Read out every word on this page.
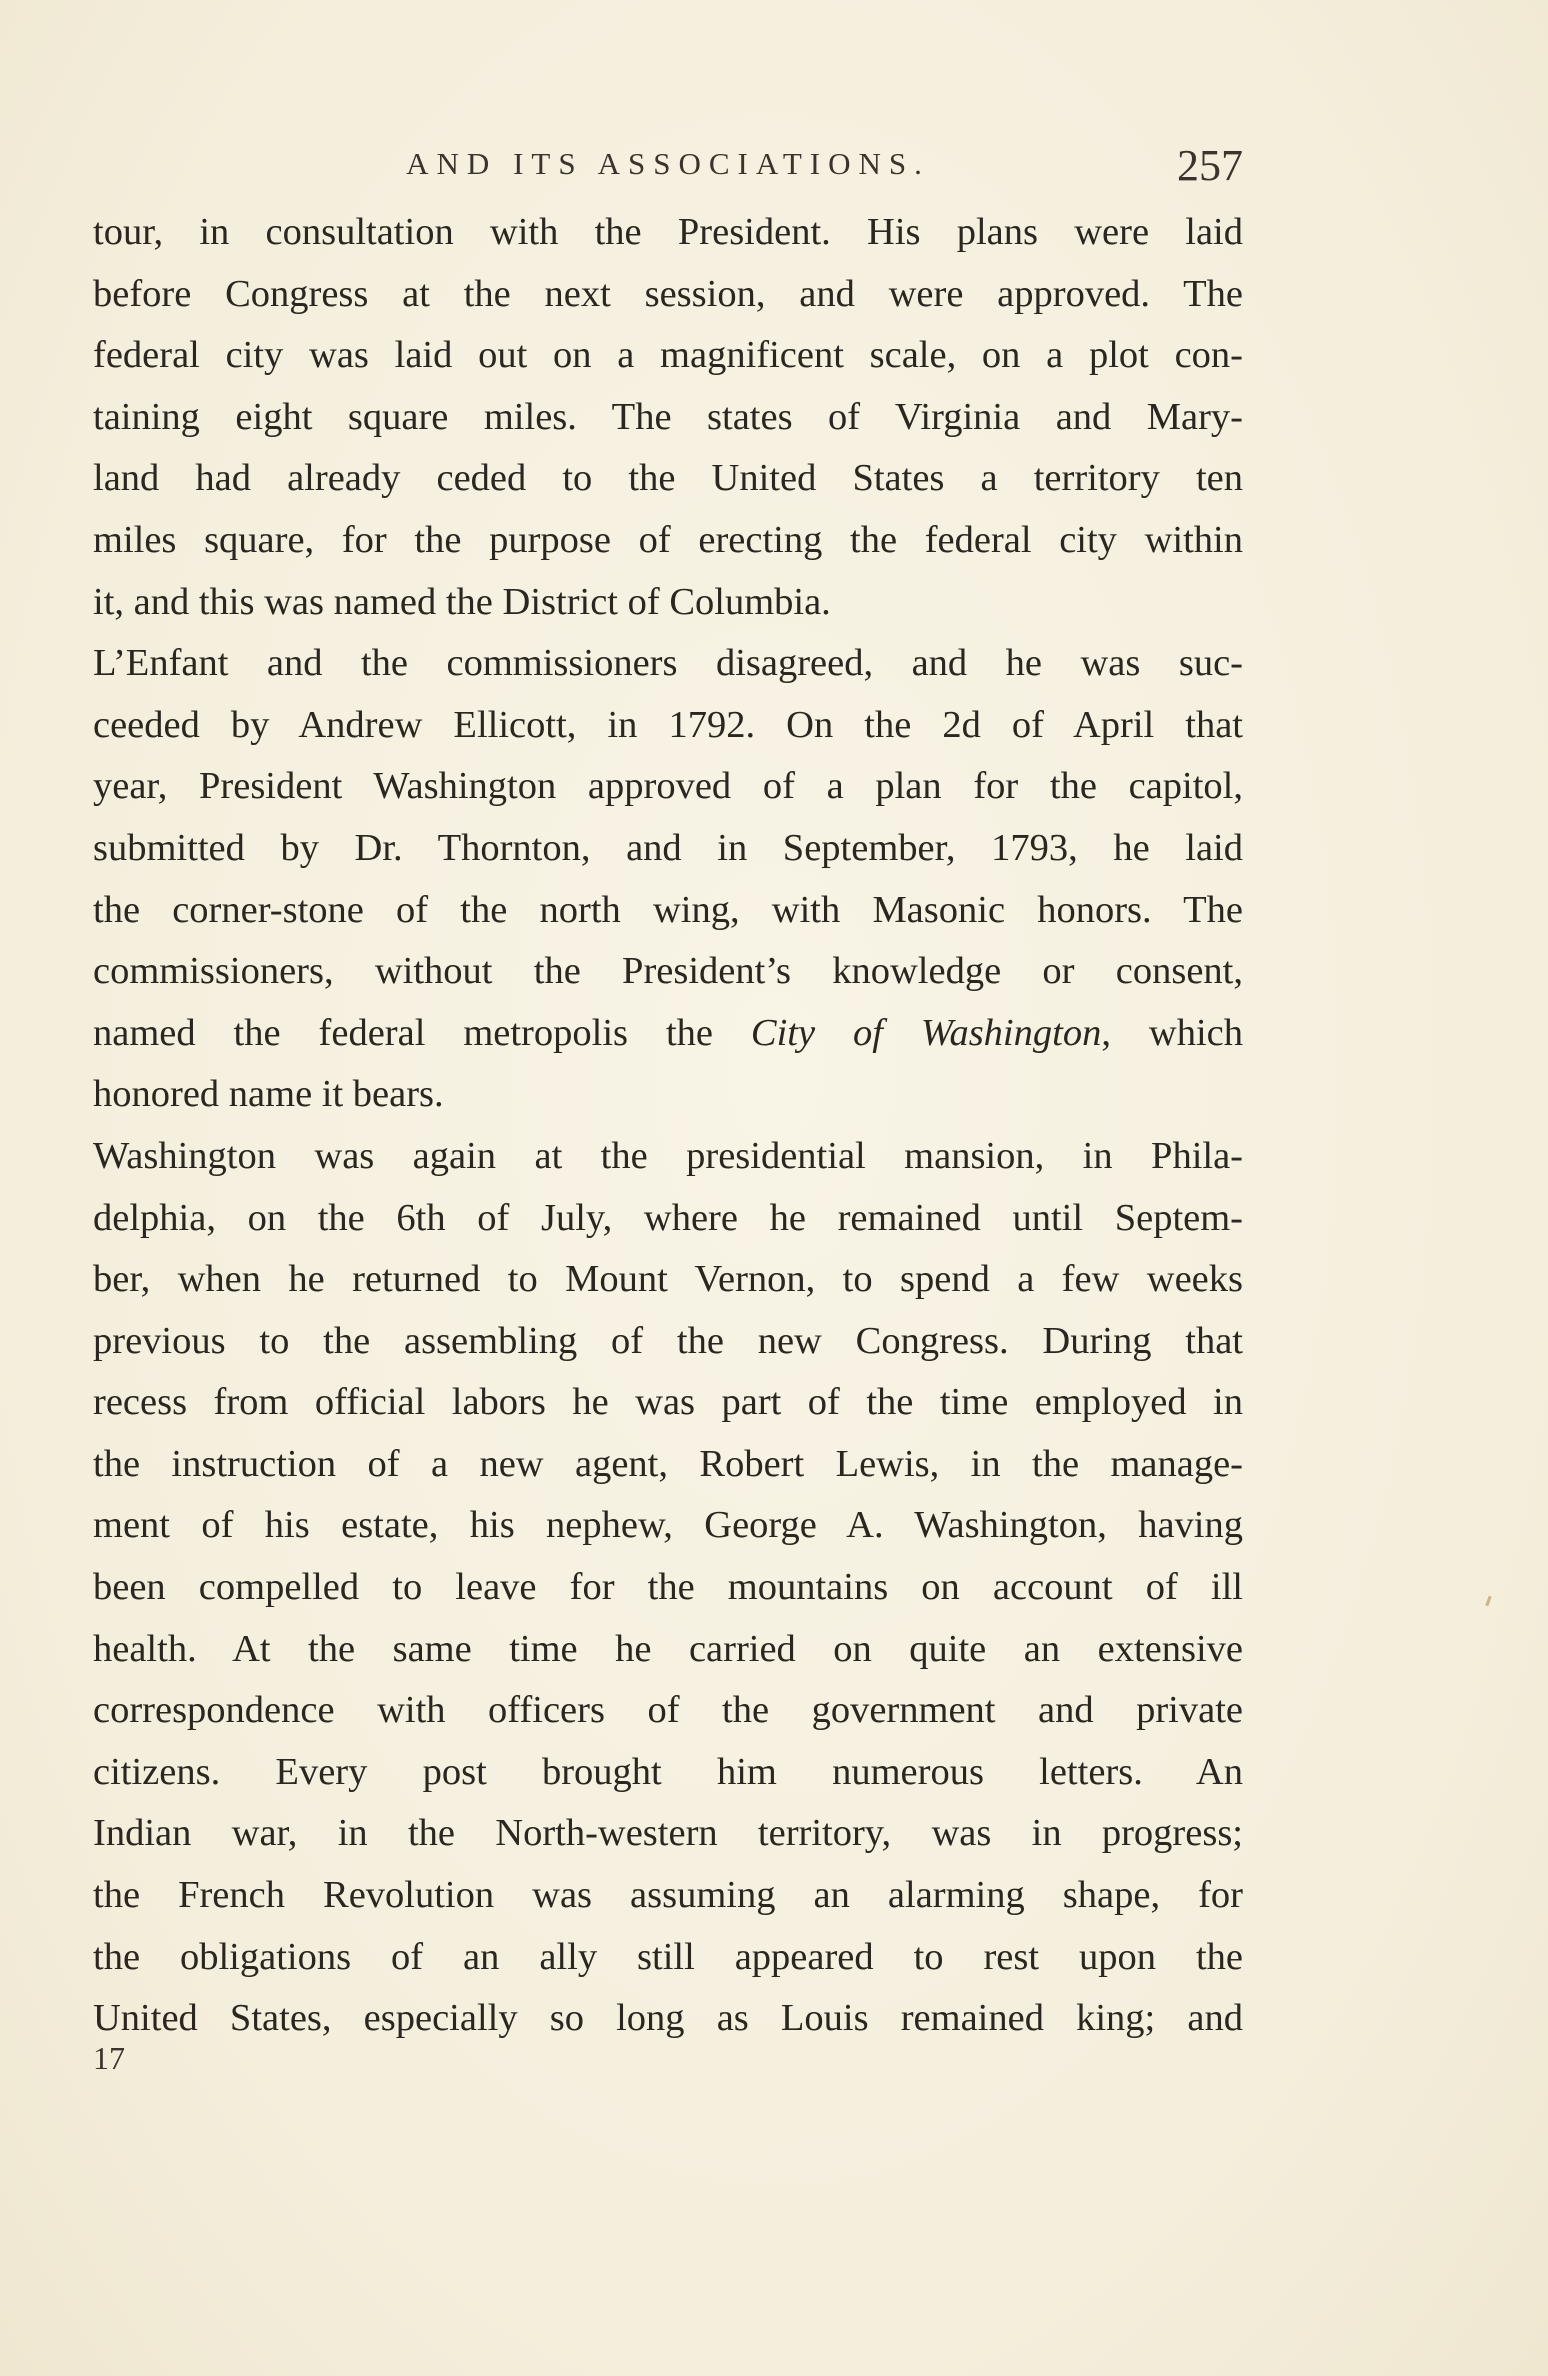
AND ITS ASSOCIATIONS.	257
tour, in consultation with the President. His plans were laid
before Congress at the next session, and were approved. The
federal city was laid out on a magnificent scale, on a plot con-
taining eight square miles. The states of Virginia and Mary-
land had already ceded to the United States a territory ten
miles square, for the purpose of erecting the federal city within
it, and this was named the District of Columbia.
L’Enfant and the commissioners disagreed, and he was suc-
ceeded by Andrew Ellicott, in 1792. On the 2d of April that
year, President Washington approved of a plan for the capitol,
submitted by Dr. Thornton, and in September, 1793, he laid
the corner-stone of the north wing, with Masonic honors. The
commissioners, without the President’s knowledge or consent,
named the federal metropolis the City of Washington, which
honored name it bears.
Washington was again at the presidential mansion, in Phila-
delphia, on the 6th of July, where he remained until Septem-
ber, when he returned to Mount Vernon, to spend a few weeks
previous to the assembling of the new Congress. During that
recess from official labors he was part of the time employed in
the instruction of a new agent, Robert Lewis, in the manage-
ment of his estate, his nephew, George A. Washington, having
been compelled to leave for the mountains on account of ill
health. At the same time he carried on quite an extensive
correspondence with officers of the government and private
citizens. Every post brought him numerous letters. An
Indian war, in the North-western territory, was in progress;
the French Revolution was assuming an alarming shape, for
the obligations of an ally still appeared to rest upon the
United States, especially so long as Louis remained king; and
17
